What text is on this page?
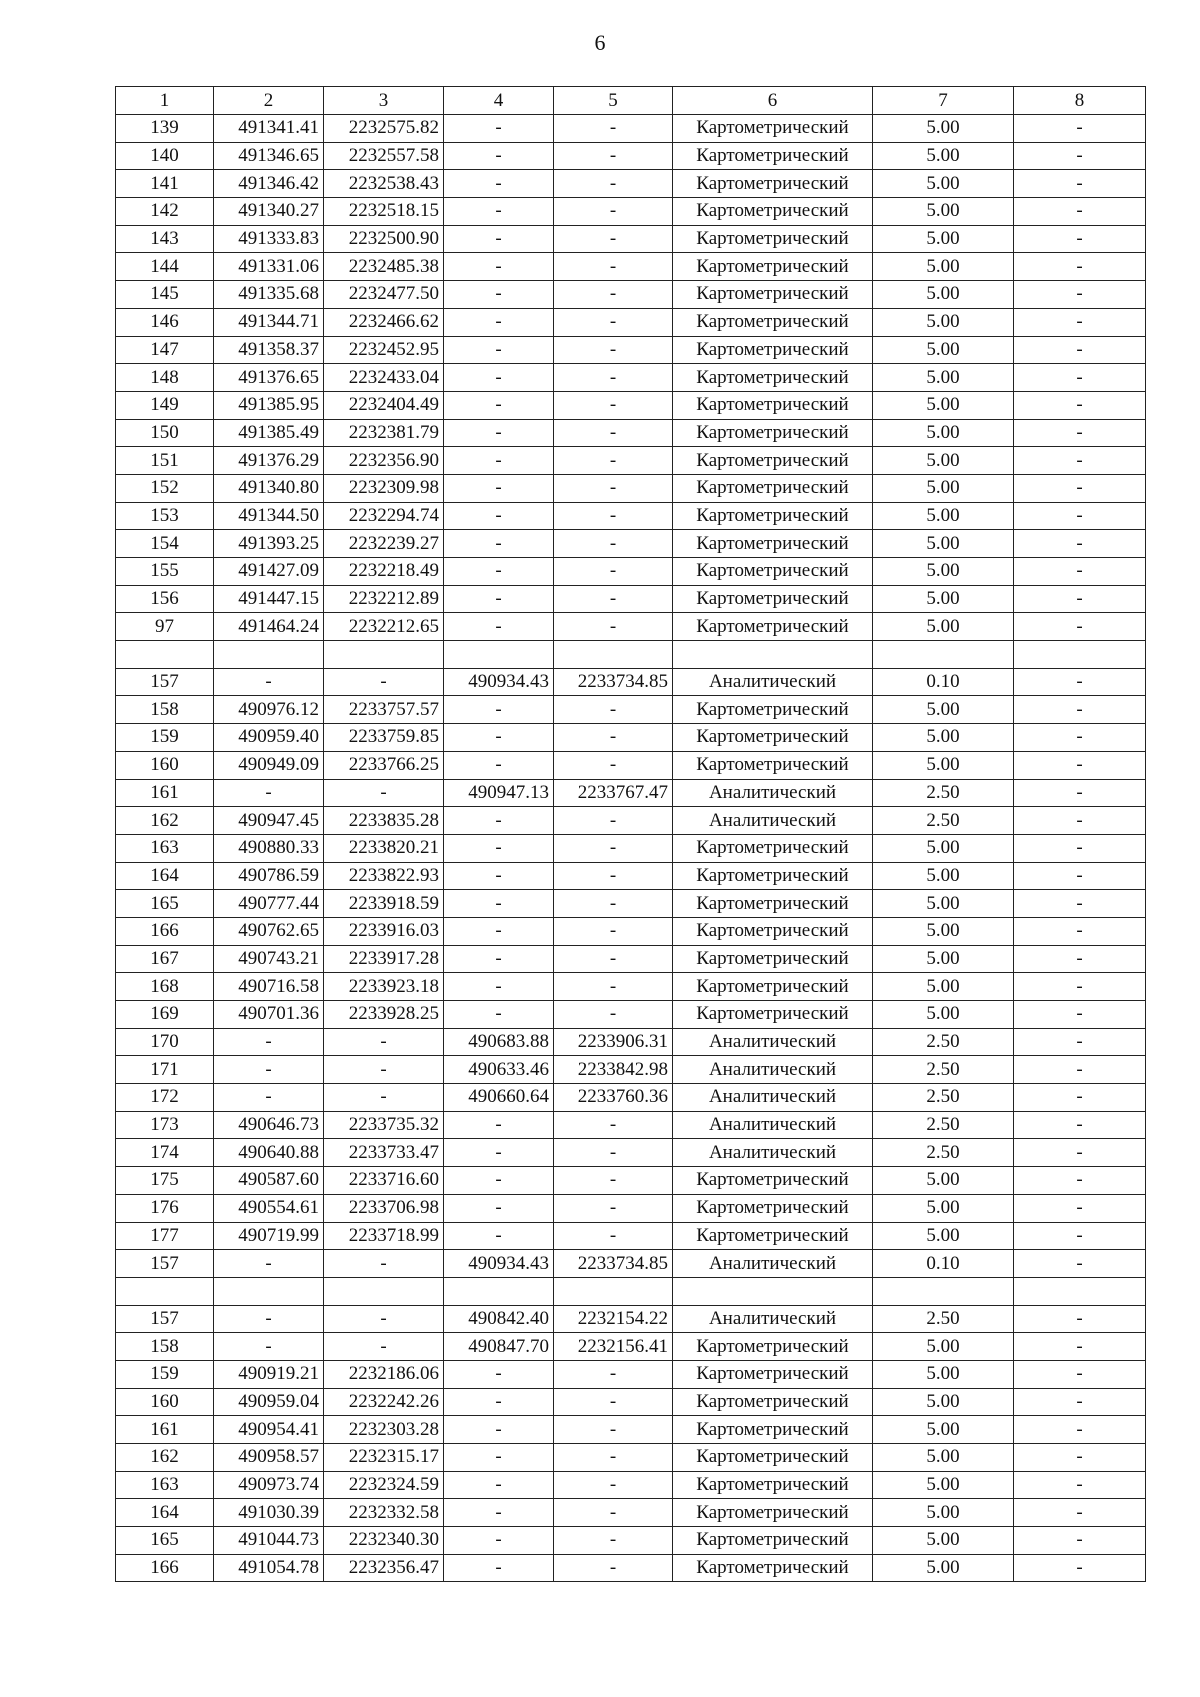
6
1	2	3	4	5	6	7	8
139	491341.41	2232575.82	-	-	Картометрический	5.00	-
140	491346.65	2232557.58	-	-	Картометрический	5.00	-
141	491346.42	2232538.43	-	-	Картометрический	5.00	-
142	491340.27	2232518.15	-	-	Картометрический	5.00	-
143	491333.83	2232500.90	-	-	Картометрический	5.00	-
144	491331.06	2232485.38	-	-	Картометрический	5.00	-
145	491335.68	2232477.50	-	-	Картометрический	5.00	-
146	491344.71	2232466.62	-	-	Картометрический	5.00	-
147	491358.37	2232452.95	-	-	Картометрический	5.00	-
148	491376.65	2232433.04	-	-	Картометрический	5.00	-
149	491385.95	2232404.49	-	-	Картометрический	5.00	-
150	491385.49	2232381.79	-	-	Картометрический	5.00	-
151	491376.29	2232356.90	-	-	Картометрический	5.00	-
152	491340.80	2232309.98	-	-	Картометрический	5.00	-
153	491344.50	2232294.74	-	-	Картометрический	5.00	-
154	491393.25	2232239.27	-	-	Картометрический	5.00	-
155	491427.09	2232218.49	-	-	Картометрический	5.00	-
156	491447.15	2232212.89	-	-	Картометрический	5.00	-
97	491464.24	2232212.65	-	-	Картометрический	5.00	-

157	-	-	490934.43	2233734.85	Аналитический	0.10	-
158	490976.12	2233757.57	-	-	Картометрический	5.00	-
159	490959.40	2233759.85	-	-	Картометрический	5.00	-
160	490949.09	2233766.25	-	-	Картометрический	5.00	-
161	-	-	490947.13	2233767.47	Аналитический	2.50	-
162	490947.45	2233835.28	-	-	Аналитический	2.50	-
163	490880.33	2233820.21	-	-	Картометрический	5.00	-
164	490786.59	2233822.93	-	-	Картометрический	5.00	-
165	490777.44	2233918.59	-	-	Картометрический	5.00	-
166	490762.65	2233916.03	-	-	Картометрический	5.00	-
167	490743.21	2233917.28	-	-	Картометрический	5.00	-
168	490716.58	2233923.18	-	-	Картометрический	5.00	-
169	490701.36	2233928.25	-	-	Картометрический	5.00	-
170	-	-	490683.88	2233906.31	Аналитический	2.50	-
171	-	-	490633.46	2233842.98	Аналитический	2.50	-
172	-	-	490660.64	2233760.36	Аналитический	2.50	-
173	490646.73	2233735.32	-	-	Аналитический	2.50	-
174	490640.88	2233733.47	-	-	Аналитический	2.50	-
175	490587.60	2233716.60	-	-	Картометрический	5.00	-
176	490554.61	2233706.98	-	-	Картометрический	5.00	-
177	490719.99	2233718.99	-	-	Картометрический	5.00	-
157	-	-	490934.43	2233734.85	Аналитический	0.10	-

157	-	-	490842.40	2232154.22	Аналитический	2.50	-
158	-	-	490847.70	2232156.41	Картометрический	5.00	-
159	490919.21	2232186.06	-	-	Картометрический	5.00	-
160	490959.04	2232242.26	-	-	Картометрический	5.00	-
161	490954.41	2232303.28	-	-	Картометрический	5.00	-
162	490958.57	2232315.17	-	-	Картометрический	5.00	-
163	490973.74	2232324.59	-	-	Картометрический	5.00	-
164	491030.39	2232332.58	-	-	Картометрический	5.00	-
165	491044.73	2232340.30	-	-	Картометрический	5.00	-
166	491054.78	2232356.47	-	-	Картометрический	5.00	-
